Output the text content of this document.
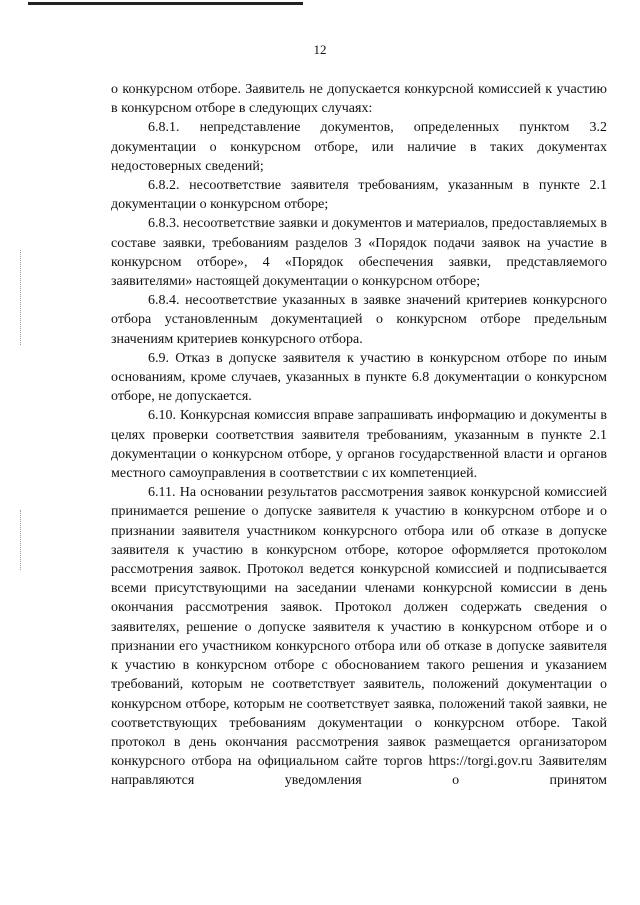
12

о конкурсном отборе. Заявитель не допускается конкурсной комиссией к участию в конкурсном отборе в следующих случаях:

6.8.1. непредставление документов, определенных пунктом 3.2 документации о конкурсном отборе, или наличие в таких документах недостоверных сведений;

6.8.2. несоответствие заявителя требованиям, указанным в пункте 2.1 документации о конкурсном отборе;

6.8.3. несоответствие заявки и документов и материалов, предоставляемых в составе заявки, требованиям разделов 3 «Порядок подачи заявок на участие в конкурсном отборе», 4 «Порядок обеспечения заявки, представляемого заявителями» настоящей документации о конкурсном отборе;

6.8.4. несоответствие указанных в заявке значений критериев конкурсного отбора установленным документацией о конкурсном отборе предельным значениям критериев конкурсного отбора.

6.9. Отказ в допуске заявителя к участию в конкурсном отборе по иным основаниям, кроме случаев, указанных в пункте 6.8 документации о конкурсном отборе, не допускается.

6.10. Конкурсная комиссия вправе запрашивать информацию и документы в целях проверки соответствия заявителя требованиям, указанным в пункте 2.1 документации о конкурсном отборе, у органов государственной власти и органов местного самоуправления в соответствии с их компетенцией.

6.11. На основании результатов рассмотрения заявок конкурсной комиссией принимается решение о допуске заявителя к участию в конкурсном отборе и о признании заявителя участником конкурсного отбора или об отказе в допуске заявителя к участию в конкурсном отборе, которое оформляется протоколом рассмотрения заявок. Протокол ведется конкурсной комиссией и подписывается всеми присутствующими на заседании членами конкурсной комиссии в день окончания рассмотрения заявок. Протокол должен содержать сведения о заявителях, решение о допуске заявителя к участию в конкурсном отборе и о признании его участником конкурсного отбора или об отказе в допуске заявителя к участию в конкурсном отборе с обоснованием такого решения и указанием требований, которым не соответствует заявитель, положений документации о конкурсном отборе, которым не соответствует заявка, положений такой заявки, не соответствующих требованиям документации о конкурсном отборе. Такой протокол в день окончания рассмотрения заявок размещается организатором конкурсного отбора на официальном сайте торгов https://torgi.gov.ru Заявителям направляются уведомления о принятом
